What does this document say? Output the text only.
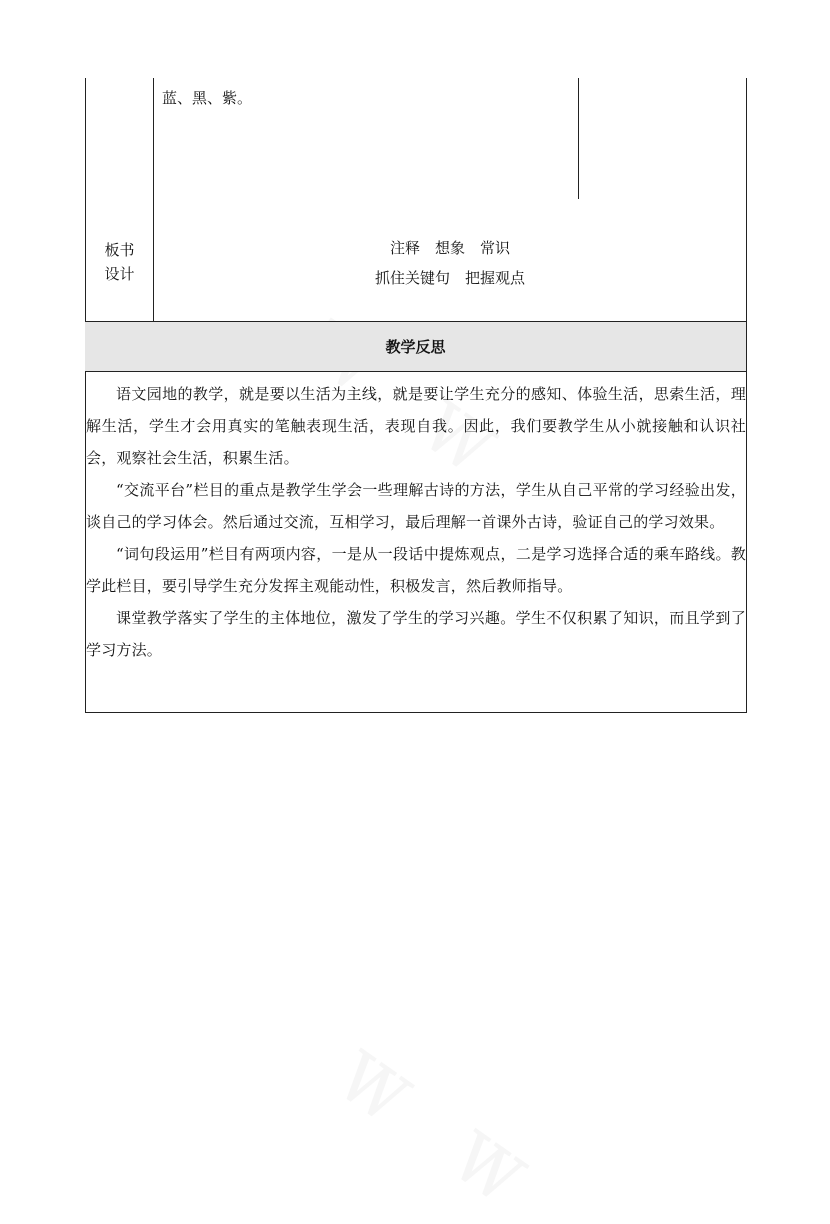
蓝、黑、紫。
板书
设计
注释　想象　常识
抓住关键句　把握观点
教学反思

语文园地的教学，就是要以生活为主线，就是要让学生充分的感知、体验生活，思索生活，理解生活，学生才会用真实的笔触表现生活，表现自我。因此，我们要教学生从小就接触和认识社会，观察社会生活，积累生活。

“交流平台”栏目的重点是教学生学会一些理解古诗的方法，学生从自己平常的学习经验出发，谈自己的学习体会。然后通过交流，互相学习，最后理解一首课外古诗，验证自己的学习效果。

“词句段运用”栏目有两项内容，一是从一段话中提炼观点，二是学习选择合适的乘车路线。教学此栏目，要引导学生充分发挥主观能动性，积极发言，然后教师指导。

课堂教学落实了学生的主体地位，激发了学生的学习兴趣。学生不仅积累了知识，而且学到了学习方法。
